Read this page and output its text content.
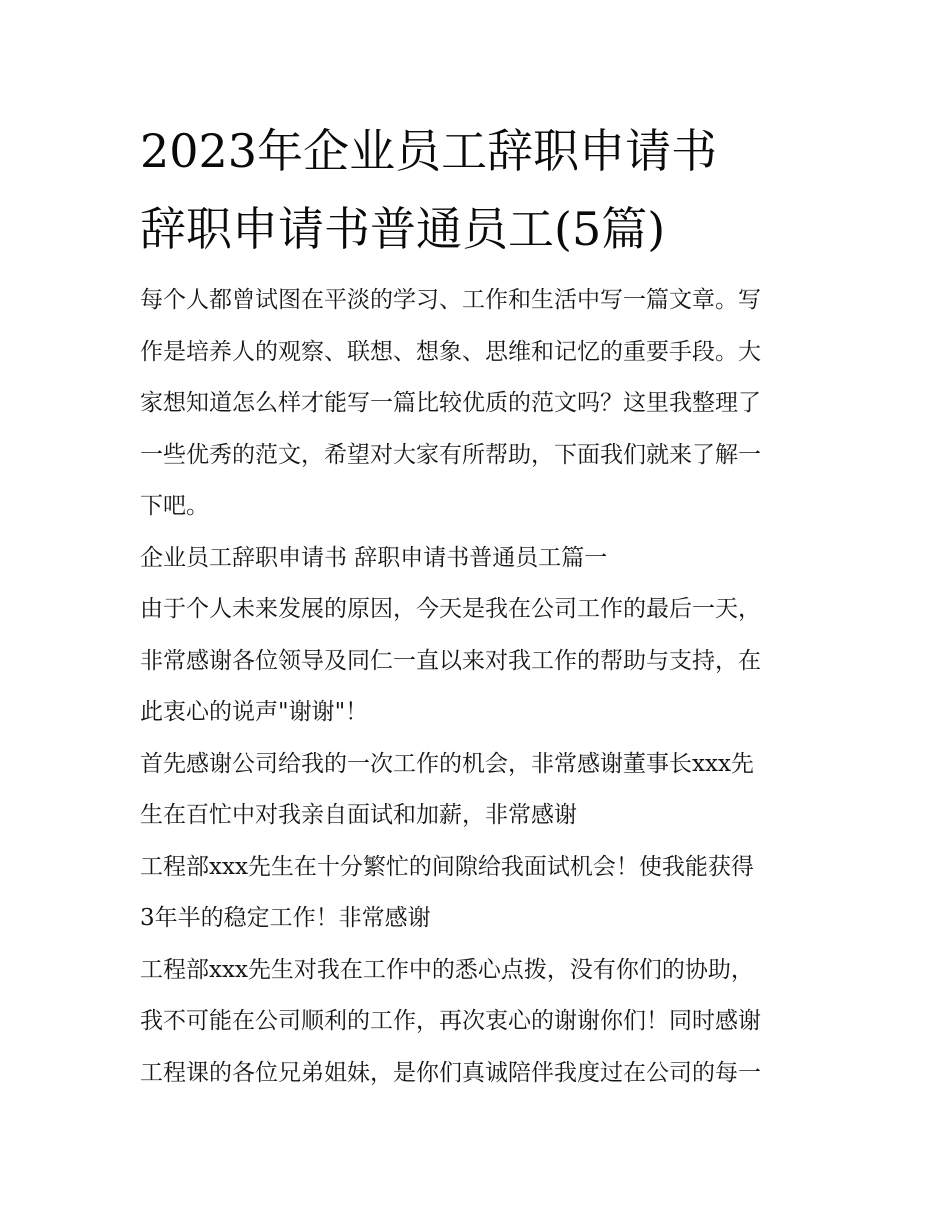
2023年企业员工辞职申请书
辞职申请书普通员工(5篇)
每个人都曾试图在平淡的学习、工作和生活中写一篇文章。写
作是培养人的观察、联想、想象、思维和记忆的重要手段。大
家想知道怎么样才能写一篇比较优质的范文吗？这里我整理了
一些优秀的范文，希望对大家有所帮助，下面我们就来了解一
下吧。
企业员工辞职申请书 辞职申请书普通员工篇一
由于个人未来发展的原因，今天是我在公司工作的最后一天，
非常感谢各位领导及同仁一直以来对我工作的帮助与支持，在
此衷心的说声"谢谢"！
首先感谢公司给我的一次工作的机会，非常感谢董事长xxx先
生在百忙中对我亲自面试和加薪，非常感谢
工程部xxx先生在十分繁忙的间隙给我面试机会！使我能获得
3年半的稳定工作！非常感谢
工程部xxx先生对我在工作中的悉心点拨，没有你们的协助，
我不可能在公司顺利的工作，再次衷心的谢谢你们！同时感谢
工程课的各位兄弟姐妹，是你们真诚陪伴我度过在公司的每一
